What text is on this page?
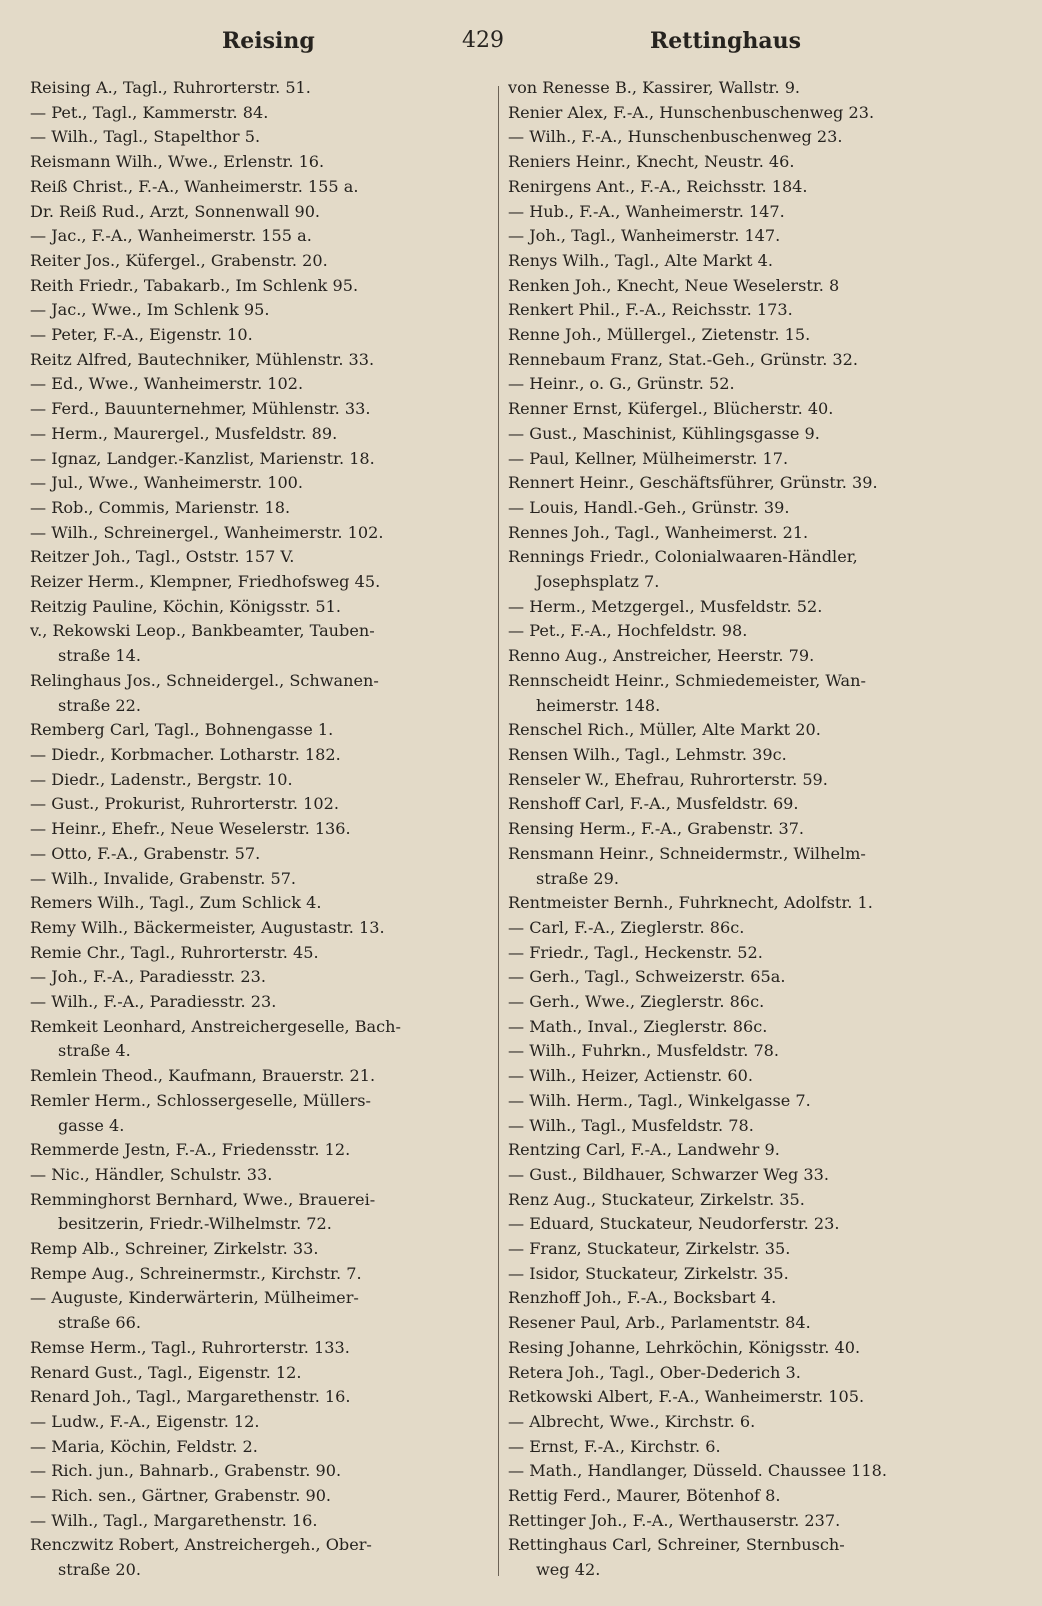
Reising	429	Rettinghaus
Reising A., Tagl., Ruhrorterstr. 51.
— Pet., Tagl., Kammerstr. 84.
— Wilh., Tagl., Stapelthor 5.
Reismann Wilh., Wwe., Erlenstr. 16.
Reiß Christ., F.-A., Wanheimerstr. 155 a.
Dr. Reiß Rud., Arzt, Sonnenwall 90.
— Jac., F.-A., Wanheimerstr. 155 a.
Reiter Jos., Küfergel., Grabenstr. 20.
Reith Friedr., Tabakarb., Im Schlenk 95.
— Jac., Wwe., Im Schlenk 95.
— Peter, F.-A., Eigenstr. 10.
Reitz Alfred, Bautechniker, Mühlenstr. 33.
— Ed., Wwe., Wanheimerstr. 102.
— Ferd., Bauunternehmer, Mühlenstr. 33.
— Herm., Maurergel., Musfeldstr. 89.
— Ignaz, Landger.-Kanzlist, Marienstr. 18.
— Jul., Wwe., Wanheimerstr. 100.
— Rob., Commis, Marienstr. 18.
— Wilh., Schreinergel., Wanheimerstr. 102.
Reitzer Joh., Tagl., Oststr. 157 V.
Reizer Herm., Klempner, Friedhofsweg 45.
Reitzig Pauline, Köchin, Königsstr. 51.
v., Rekowski Leop., Bankbeamter, Tauben-
straße 14.
Relinghaus Jos., Schneidergel., Schwanen-
straße 22.
Remberg Carl, Tagl., Bohnengasse 1.
— Diedr., Korbmacher. Lotharstr. 182.
— Diedr., Ladenstr., Bergstr. 10.
— Gust., Prokurist, Ruhrorterstr. 102.
— Heinr., Ehefr., Neue Weselerstr. 136.
— Otto, F.-A., Grabenstr. 57.
— Wilh., Invalide, Grabenstr. 57.
Remers Wilh., Tagl., Zum Schlick 4.
Remy Wilh., Bäckermeister, Augustastr. 13.
Remie Chr., Tagl., Ruhrorterstr. 45.
— Joh., F.-A., Paradiesstr. 23.
— Wilh., F.-A., Paradiesstr. 23.
Remkeit Leonhard, Anstreichergeselle, Bach-
straße 4.
Remlein Theod., Kaufmann, Brauerstr. 21.
Remler Herm., Schlossergeselle, Müllers-
gasse 4.
Remmerde Jestn, F.-A., Friedensstr. 12.
— Nic., Händler, Schulstr. 33.
Remminghorst Bernhard, Wwe., Brauerei-
besitzerin, Friedr.-Wilhelmstr. 72.
Remp Alb., Schreiner, Zirkelstr. 33.
Rempe Aug., Schreinermstr., Kirchstr. 7.
— Auguste, Kinderwärterin, Mülheimer-
straße 66.
Remse Herm., Tagl., Ruhrorterstr. 133.
Renard Gust., Tagl., Eigenstr. 12.
Renard Joh., Tagl., Margarethenstr. 16.
— Ludw., F.-A., Eigenstr. 12.
— Maria, Köchin, Feldstr. 2.
— Rich. jun., Bahnarb., Grabenstr. 90.
— Rich. sen., Gärtner, Grabenstr. 90.
— Wilh., Tagl., Margarethenstr. 16.
Renczwitz Robert, Anstreichergeh., Ober-
straße 20.
von Renesse B., Kassirer, Wallstr. 9.
Renier Alex, F.-A., Hunschenbuschenweg 23.
— Wilh., F.-A., Hunschenbuschenweg 23.
Reniers Heinr., Knecht, Neustr. 46.
Renirgens Ant., F.-A., Reichsstr. 184.
— Hub., F.-A., Wanheimerstr. 147.
— Joh., Tagl., Wanheimerstr. 147.
Renys Wilh., Tagl., Alte Markt 4.
Renken Joh., Knecht, Neue Weselerstr. 8
Renkert Phil., F.-A., Reichsstr. 173.
Renne Joh., Müllergel., Zietenstr. 15.
Rennebaum Franz, Stat.-Geh., Grünstr. 32.
— Heinr., o. G., Grünstr. 52.
Renner Ernst, Küfergel., Blücherstr. 40.
— Gust., Maschinist, Kühlingsgasse 9.
— Paul, Kellner, Mülheimerstr. 17.
Rennert Heinr., Geschäftsführer, Grünstr. 39.
— Louis, Handl.-Geh., Grünstr. 39.
Rennes Joh., Tagl., Wanheimerst. 21.
Rennings Friedr., Colonialwaaren-Händler,
Josephsplatz 7.
— Herm., Metzgergel., Musfeldstr. 52.
— Pet., F.-A., Hochfeldstr. 98.
Renno Aug., Anstreicher, Heerstr. 79.
Rennscheidt Heinr., Schmiedemeister, Wan-
heimerstr. 148.
Renschel Rich., Müller, Alte Markt 20.
Rensen Wilh., Tagl., Lehmstr. 39c.
Renseler W., Ehefrau, Ruhrorterstr. 59.
Renshoff Carl, F.-A., Musfeldstr. 69.
Rensing Herm., F.-A., Grabenstr. 37.
Rensmann Heinr., Schneidermstr., Wilhelm-
straße 29.
Rentmeister Bernh., Fuhrknecht, Adolfstr. 1.
— Carl, F.-A., Zieglerstr. 86c.
— Friedr., Tagl., Heckenstr. 52.
— Gerh., Tagl., Schweizerstr. 65a.
— Gerh., Wwe., Zieglerstr. 86c.
— Math., Inval., Zieglerstr. 86c.
— Wilh., Fuhrkn., Musfeldstr. 78.
— Wilh., Heizer, Actienstr. 60.
— Wilh. Herm., Tagl., Winkelgasse 7.
— Wilh., Tagl., Musfeldstr. 78.
Rentzing Carl, F.-A., Landwehr 9.
— Gust., Bildhauer, Schwarzer Weg 33.
Renz Aug., Stuckateur, Zirkelstr. 35.
— Eduard, Stuckateur, Neudorferstr. 23.
— Franz, Stuckateur, Zirkelstr. 35.
— Isidor, Stuckateur, Zirkelstr. 35.
Renzhoff Joh., F.-A., Bocksbart 4.
Resener Paul, Arb., Parlamentstr. 84.
Resing Johanne, Lehrköchin, Königsstr. 40.
Retera Joh., Tagl., Ober-Dederich 3.
Retkowski Albert, F.-A., Wanheimerstr. 105.
— Albrecht, Wwe., Kirchstr. 6.
— Ernst, F.-A., Kirchstr. 6.
— Math., Handlanger, Düsseld. Chaussee 118.
Rettig Ferd., Maurer, Bötenhof 8.
Rettinger Joh., F.-A., Werthauserstr. 237.
Rettinghaus Carl, Schreiner, Sternbusch-
weg 42.
